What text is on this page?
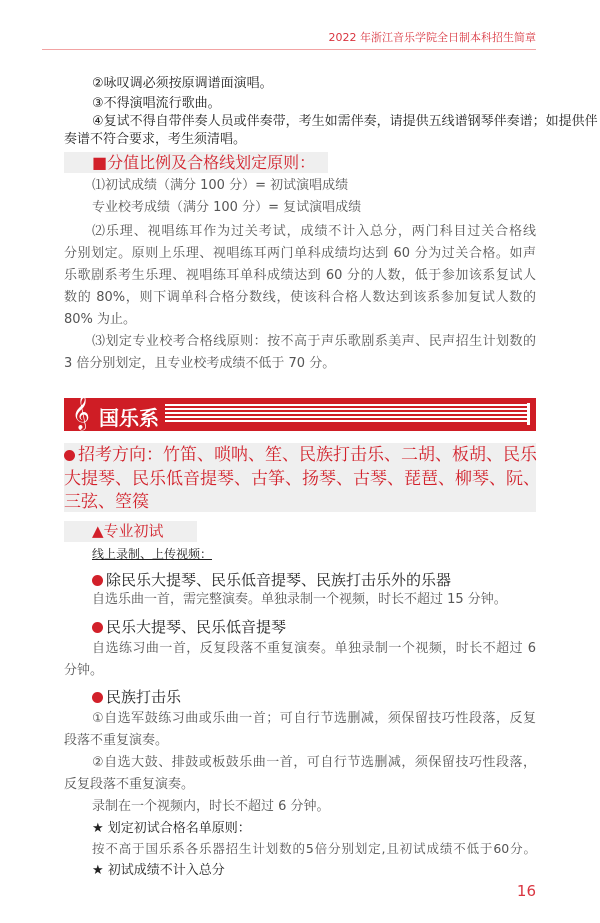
2022 年浙江音乐学院全日制本科招生简章
②咏叹调必须按原调谱面演唱。
③不得演唱流行歌曲。
④复试不得自带伴奏人员或伴奏带，考生如需伴奏，请提供五线谱钢琴伴奏谱；如提供伴
奏谱不符合要求，考生须清唱。
■分值比例及合格线划定原则：
⑴初试成绩（满分 100 分）= 初试演唱成绩
专业校考成绩（满分 100 分）= 复试演唱成绩
⑵乐理、视唱练耳作为过关考试，成绩不计入总分，两门科目过关合格线
分别划定。原则上乐理、视唱练耳两门单科成绩均达到 60 分为过关合格。如声
乐歌剧系考生乐理、视唱练耳单科成绩达到 60 分的人数，低于参加该系复试人
数的 80%，则下调单科合格分数线，使该科合格人数达到该系参加复试人数的
80% 为止。
⑶划定专业校考合格线原则：按不高于声乐歌剧系美声、民声招生计划数的
3 倍分别划定，且专业校考成绩不低于 70 分。
𝄞 国乐系
招考方向：竹笛、唢呐、笙、民族打击乐、二胡、板胡、民乐
大提琴、民乐低音提琴、古筝、扬琴、古琴、琵琶、柳琴、阮、
三弦、箜篌
▲专业初试
线上录制、上传视频：
除民乐大提琴、民乐低音提琴、民族打击乐外的乐器
自选乐曲一首，需完整演奏。单独录制一个视频，时长不超过 15 分钟。
民乐大提琴、民乐低音提琴
自选练习曲一首，反复段落不重复演奏。单独录制一个视频，时长不超过 6
分钟。
民族打击乐
①自选军鼓练习曲或乐曲一首；可自行节选删减，须保留技巧性段落，反复
段落不重复演奏。
②自选大鼓、排鼓或板鼓乐曲一首，可自行节选删减，须保留技巧性段落，
反复段落不重复演奏。
录制在一个视频内，时长不超过 6 分钟。
★ 划定初试合格名单原则：
按不高于国乐系各乐器招生计划数的5倍分别划定,且初试成绩不低于60分。
★ 初试成绩不计入总分
16
